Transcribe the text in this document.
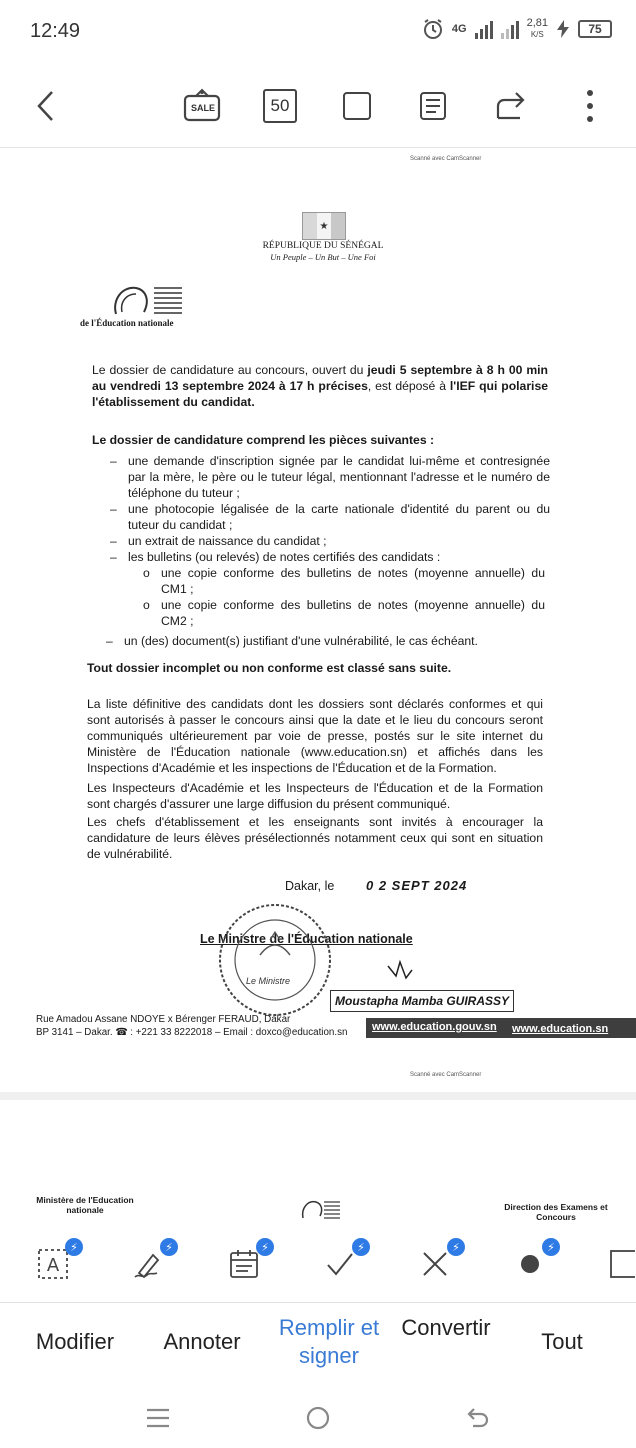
12:49	4G	2,81
K/S	75
SALE	50
Scanné avec CamScanner
★
RÉPUBLIQUE DU SÉNÉGAL
Un Peuple – Un But – Une Foi
de l'Éducation nationale
Le dossier de candidature au concours, ouvert du jeudi 5 septembre à 8 h 00 min au vendredi 13 septembre 2024 à 17 h précises, est déposé à l'IEF qui polarise l'établissement du candidat.
Le dossier de candidature comprend les pièces suivantes :
– une demande d'inscription signée par le candidat lui-même et contresignée par la mère, le père ou le tuteur légal, mentionnant l'adresse et le numéro de téléphone du tuteur ;
– une photocopie légalisée de la carte nationale d'identité du parent ou du tuteur du candidat ;
– un extrait de naissance du candidat ;
– les bulletins (ou relevés) de notes certifiés des candidats :
o une copie conforme des bulletins de notes (moyenne annuelle) du CM1 ;
o une copie conforme des bulletins de notes (moyenne annuelle) du CM2 ;
– un (des) document(s) justifiant d'une vulnérabilité, le cas échéant.
Tout dossier incomplet ou non conforme est classé sans suite.
La liste définitive des candidats dont les dossiers sont déclarés conformes et qui sont autorisés à passer le concours ainsi que la date et le lieu du concours seront communiqués ultérieurement par voie de presse, postés sur le site internet du Ministère de l'Éducation nationale (www.education.sn) et affichés dans les Inspections d'Académie et les inspections de l'Éducation et de la Formation.
Les Inspecteurs d'Académie et les Inspecteurs de l'Éducation et de la Formation sont chargés d'assurer une large diffusion du présent communiqué.
Les chefs d'établissement et les enseignants sont invités à encourager la candidature de leurs élèves présélectionnés notamment ceux qui sont en situation de vulnérabilité.
Dakar, le 0 2 SEPT 2024
Le Ministre de l'Éducation nationale
Le Ministre
Moustapha Mamba GUIRASSY
Rue Amadou Assane NDOYE x Bérenger FERAUD, Dakar
BP 3141 – Dakar. ☎ : +221 33 8222018 – Email : doxco@education.sn www.education.gouv.sn www.education.sn
Scanné avec CamScanner
Ministère de l'Education nationale	Direction des Examens et Concours
A
⚡	⚡	⚡	⚡	⚡	⚡
Modifier	Annoter
Remplir et signer
Convertir
Tout
